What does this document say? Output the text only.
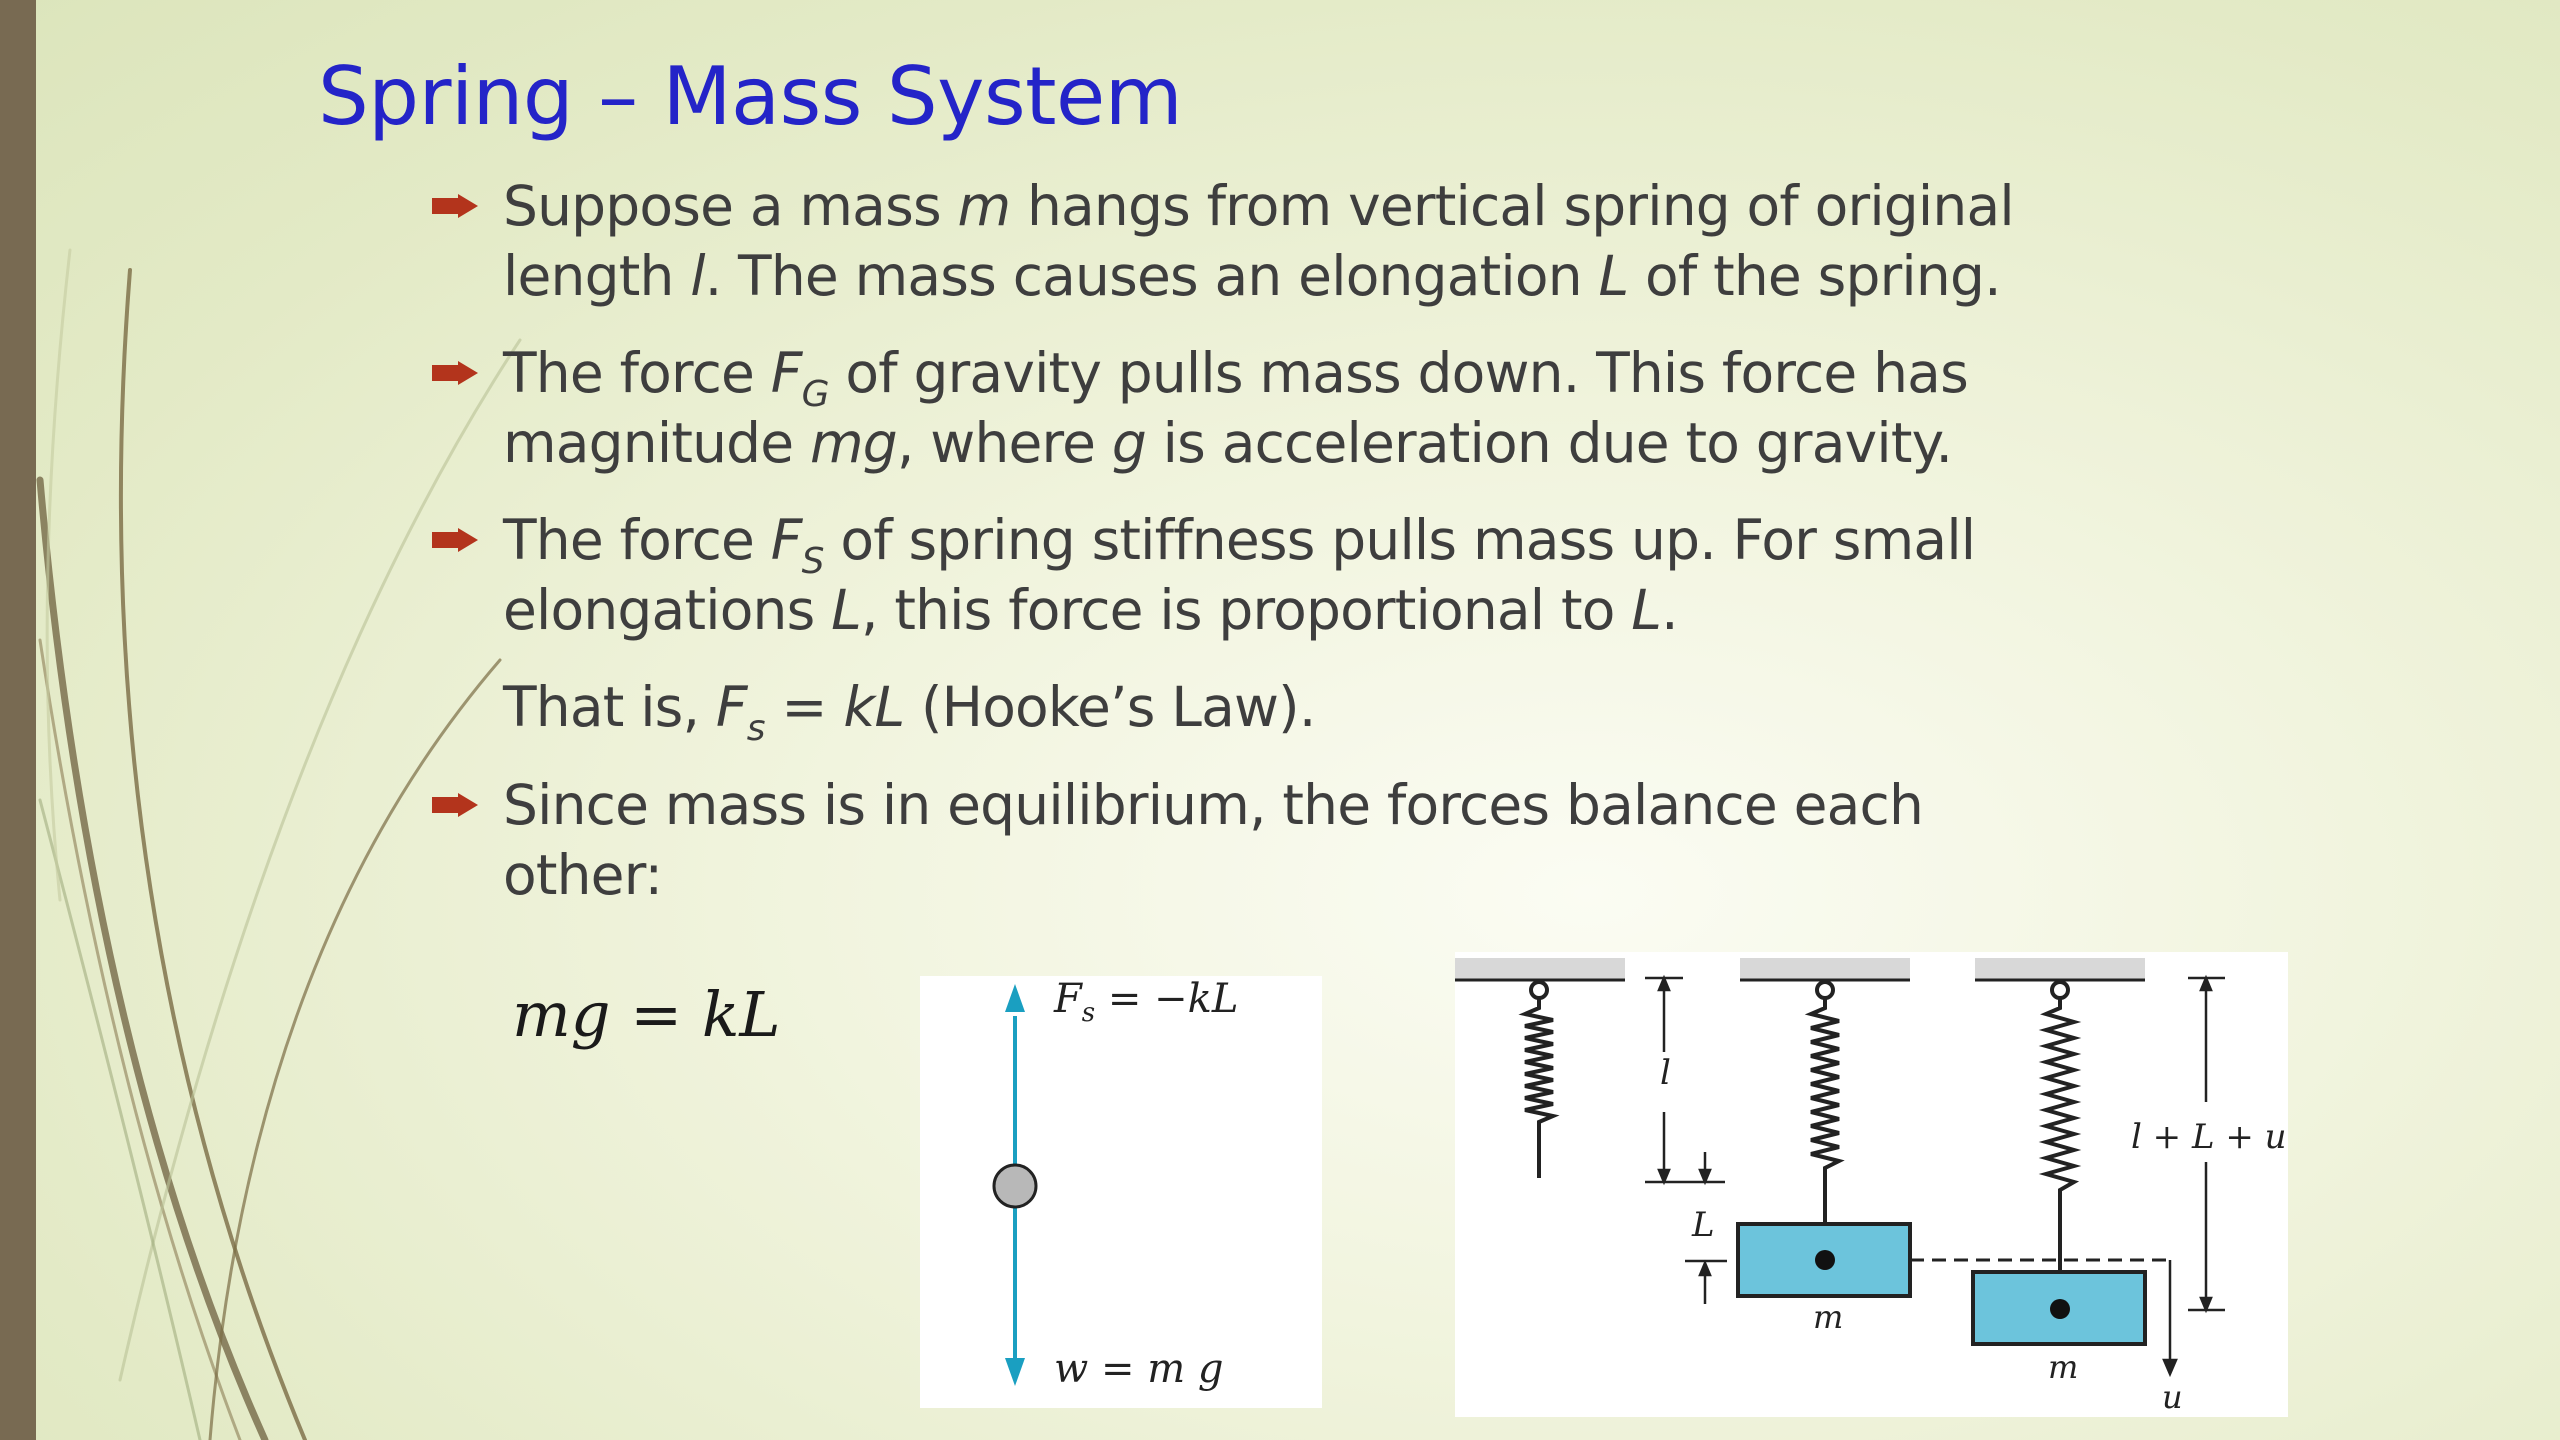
Spring – Mass System

Suppose a mass m hangs from vertical spring of original

length l. The mass causes an elongation L of the spring.

The force $F_G$ of gravity pulls mass down. This force has

magnitude mg, where g is acceleration due to gravity.

The force $F_S$ of spring stiffness pulls mass up. For small

elongations L, this force is proportional to L.

That is, $F_s$ = kL (Hooke’s Law).

Since mass is in equilibrium, the forces balance each

other:

mg = kL	$F_s = -kL$
w = m g
l
L
m
m
l + L + u
u
